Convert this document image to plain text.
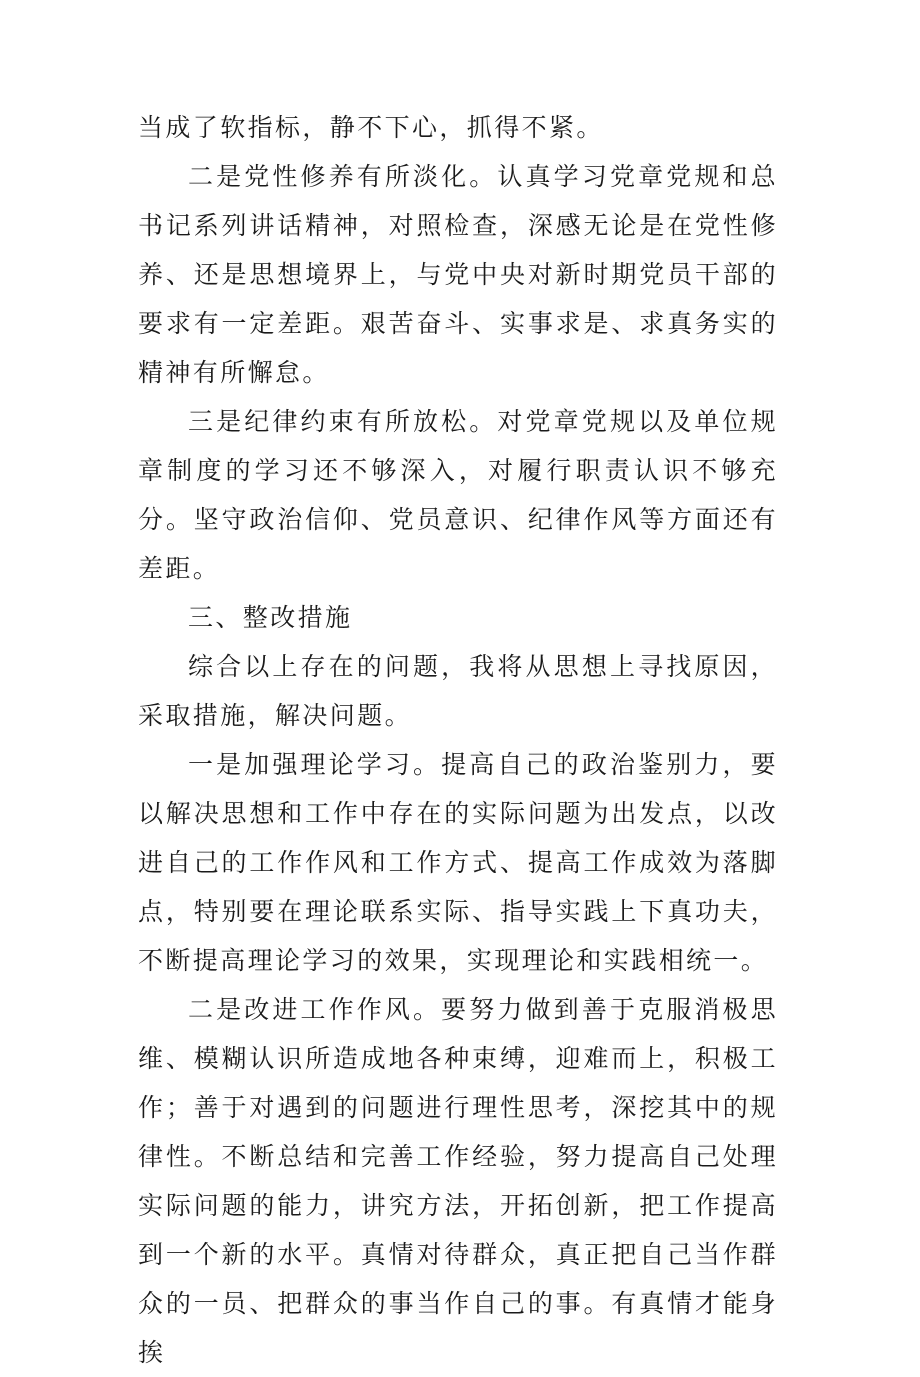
当成了软指标，静不下心，抓得不紧。

二是党性修养有所淡化。认真学习党章党规和总书记系列讲话精神，对照检查，深感无论是在党性修养、还是思想境界上，与党中央对新时期党员干部的要求有一定差距。艰苦奋斗、实事求是、求真务实的精神有所懈怠。

三是纪律约束有所放松。对党章党规以及单位规章制度的学习还不够深入，对履行职责认识不够充分。坚守政治信仰、党员意识、纪律作风等方面还有差距。

三、整改措施

综合以上存在的问题，我将从思想上寻找原因，采取措施，解决问题。

一是加强理论学习。提高自己的政治鉴别力，要以解决思想和工作中存在的实际问题为出发点，以改进自己的工作作风和工作方式、提高工作成效为落脚点，特别要在理论联系实际、指导实践上下真功夫，不断提高理论学习的效果，实现理论和实践相统一。

二是改进工作作风。要努力做到善于克服消极思维、模糊认识所造成地各种束缚，迎难而上，积极工作；善于对遇到的问题进行理性思考，深挖其中的规律性。不断总结和完善工作经验，努力提高自己处理实际问题的能力，讲究方法，开拓创新，把工作提高到一个新的水平。真情对待群众，真正把自己当作群众的一员、把群众的事当作自己的事。有真情才能身挨
